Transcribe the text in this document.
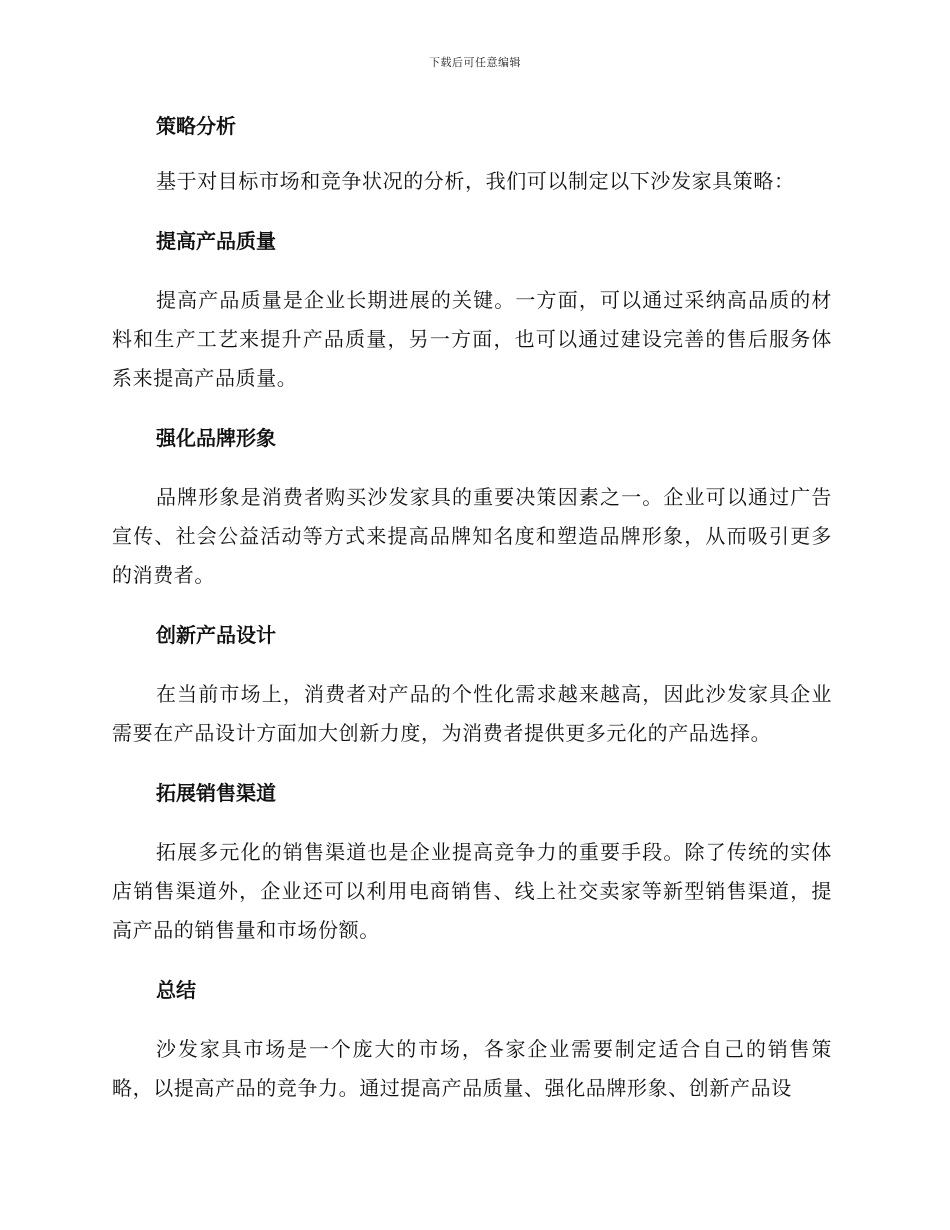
下载后可任意编辑
策略分析

基于对目标市场和竞争状况的分析，我们可以制定以下沙发家具策略：

提高产品质量

提高产品质量是企业长期进展的关键。一方面，可以通过采纳高品质的材料和生产工艺来提升产品质量，另一方面，也可以通过建设完善的售后服务体系来提高产品质量。

强化品牌形象

品牌形象是消费者购买沙发家具的重要决策因素之一。企业可以通过广告宣传、社会公益活动等方式来提高品牌知名度和塑造品牌形象，从而吸引更多的消费者。

创新产品设计

在当前市场上，消费者对产品的个性化需求越来越高，因此沙发家具企业需要在产品设计方面加大创新力度，为消费者提供更多元化的产品选择。

拓展销售渠道

拓展多元化的销售渠道也是企业提高竞争力的重要手段。除了传统的实体店销售渠道外，企业还可以利用电商销售、线上社交卖家等新型销售渠道，提高产品的销售量和市场份额。

总结

沙发家具市场是一个庞大的市场，各家企业需要制定适合自己的销售策略，以提高产品的竞争力。通过提高产品质量、强化品牌形象、创新产品设
